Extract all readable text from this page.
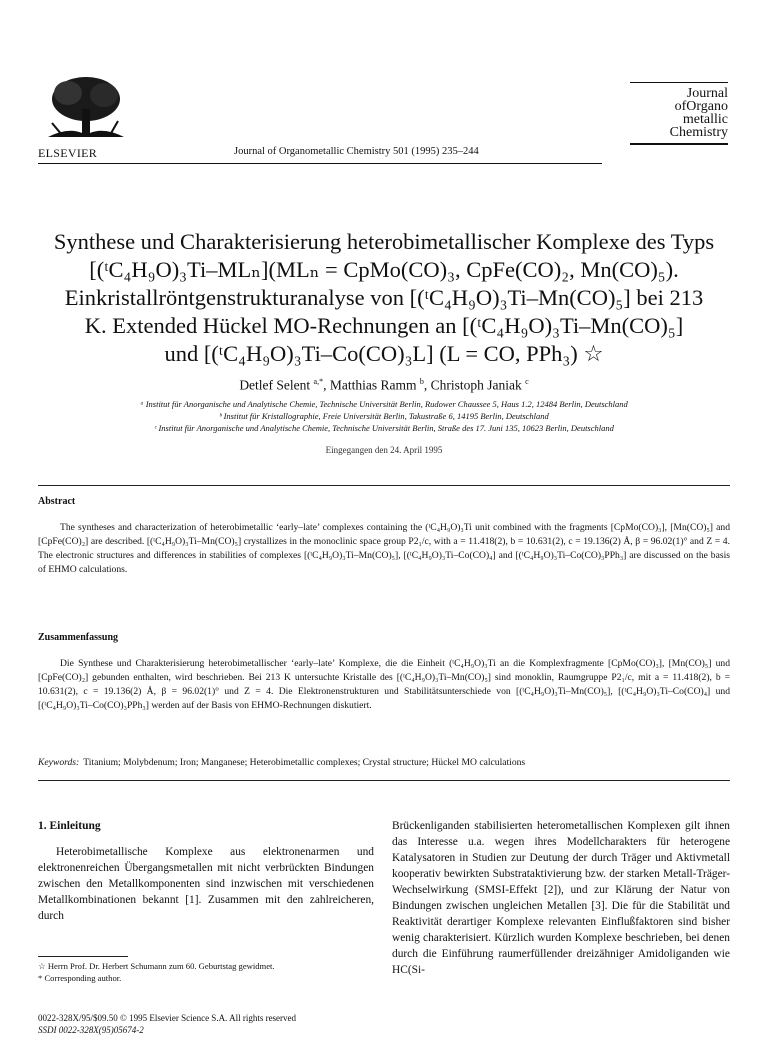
ELSEVIER	Journal of Organometallic Chemistry 501 (1995) 235–244
Journal
ofOrgano
metallic
Chemistry
Synthese und Charakterisierung heterobimetallischer Komplexe des Typs
[(ᵗC₄H₉O)₃Ti–MLₙ](MLₙ = CpMo(CO)₃, CpFe(CO)₂, Mn(CO)₅).
Einkristallröntgenstrukturanalyse von [(ᵗC₄H₉O)₃Ti–Mn(CO)₅] bei 213
K. Extended Hückel MO-Rechnungen an [(ᵗC₄H₉O)₃Ti–Mn(CO)₅]
und [(ᵗC₄H₉O)₃Ti–Co(CO)₃L] (L = CO, PPh₃) ☆
Detlef Selent $^{a,*}$, Matthias Ramm $^b$, Christoph Janiak $^c$
ᵃ Institut für Anorganische und Analytische Chemie, Technische Universität Berlin, Rudower Chaussee 5, Haus 1.2, 12484 Berlin, Deutschland
ᵇ Institut für Kristallographie, Freie Universität Berlin, Takustraße 6, 14195 Berlin, Deutschland
ᶜ Institut für Anorganische und Analytische Chemie, Technische Universität Berlin, Straße des 17. Juni 135, 10623 Berlin, Deutschland
Eingegangen den 24. April 1995
Abstract

The syntheses and characterization of heterobimetallic ‘early–late’ complexes containing the (ᵗC₄H₉O)₃Ti unit combined with the fragments [CpMo(CO)₃], [Mn(CO)₅] and [CpFe(CO)₂] are described. [(ᵗC₄H₉O)₃Ti–Mn(CO)₅] crystallizes in the monoclinic space group P2₁/c, with a = 11.418(2), b = 10.631(2), c = 19.136(2) Å, β = 96.02(1)° and Z = 4. The electronic structures and differences in stabilities of complexes [(ᵗC₄H₉O)₃Ti–Mn(CO)₅], [(ᵗC₄H₉O)₃Ti–Co(CO)₄] and [(ᵗC₄H₉O)₃Ti–Co(CO)₃PPh₃] are discussed on the basis of EHMO calculations.

Zusammenfassung

Die Synthese und Charakterisierung heterobimetallischer ‘early–late’ Komplexe, die die Einheit (ᵗC₄H₉O)₃Ti an die Komplexfragmente [CpMo(CO)₃], [Mn(CO)₅] und [CpFe(CO)₂] gebunden enthalten, wird beschrieben. Bei 213 K untersuchte Kristalle des [(ᵗC₄H₉O)₃Ti–Mn(CO)₅] sind monoklin, Raumgruppe P2₁/c, mit a = 11.418(2), b = 10.631(2), c = 19.136(2) Å, β = 96.02(1)° und Z = 4. Die Elektronenstrukturen und Stabilitätsunterschiede von [(ᵗC₄H₉O)₃Ti–Mn(CO)₅], [(ᵗC₄H₉O)₃Ti–Co(CO)₄] und [(ᵗC₄H₉O)₃Ti–Co(CO)₃PPh₃] werden auf der Basis von EHMO-Rechnungen diskutiert.

Keywords: Titanium; Molybdenum; Iron; Manganese; Heterobimetallic complexes; Crystal structure; Hückel MO calculations
1. Einleitung

Heterobimetallische Komplexe aus elektronenarmen und elektronenreichen Übergangsmetallen mit nicht verbrückten Bindungen zwischen den Metallkomponenten sind inzwischen mit verschiedenen Metallkombinationen bekannt [1]. Zusammen mit den zahlreicheren, durch

Brückenliganden stabilisierten heterometallischen Komplexen gilt ihnen das Interesse u.a. wegen ihres Modellcharakters für heterogene Katalysatoren in Studien zur Deutung der durch Träger und Aktivmetall kooperativ bewirkten Substrataktivierung bzw. der starken Metall-Träger-Wechselwirkung (SMSI-Effekt [2]), und zur Klärung der Natur von Bindungen zwischen ungleichen Metallen [3]. Die für die Stabilität und Reaktivität derartiger Komplexe relevanten Einflußfaktoren sind bisher wenig charakterisiert. Kürzlich wurden Komplexe beschrieben, bei denen durch die Einführung raumerfüllender dreizähniger Amidoliganden wie HC(Si-

☆ Herrn Prof. Dr. Herbert Schumann zum 60. Geburtstag gewidmet.
* Corresponding author.
0022-328X/95/$09.50 © 1995 Elsevier Science S.A. All rights reserved
SSDI 0022-328X(95)05674-2
